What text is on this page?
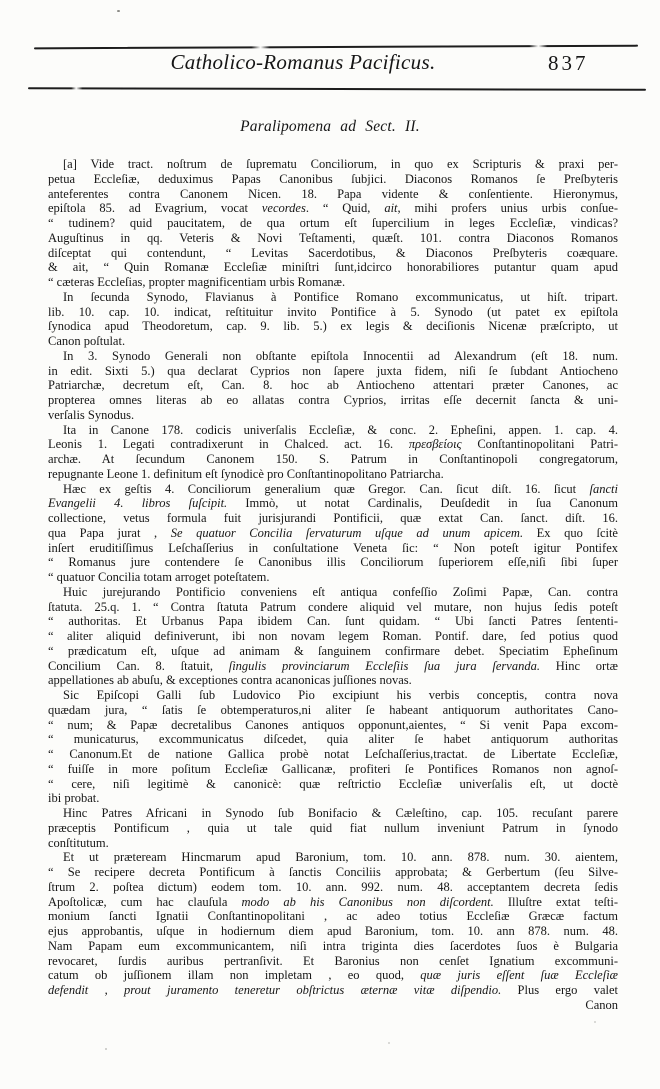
Catholico-Romanus Pacificus.	837
Paralipomena ad Sect. II.
[a] Vide tract. noſtrum de ſuprematu Conciliorum, in quo ex Scripturis & praxi per-
petua Eccleſiæ, deduximus Papas Canonibus ſubjici. Diaconos Romanos ſe Preſbyteris
anteferentes contra Canonem Nicen. 18. Papa vidente & conſentiente. Hieronymus,
epiſtola 85. ad Evagrium, vocat vecordes. “ Quid, ait, mihi profers unius urbis conſue-
“ tudinem? quid paucitatem, de qua ortum eſt ſupercilium in leges Eccleſiæ, vindicas?
Auguſtinus in qq. Veteris & Novi Teſtamenti, quæſt. 101. contra Diaconos Romanos
diſceptat qui contendunt, “ Levitas Sacerdotibus, & Diaconos Preſbyteris coæquare.
& ait, “ Quin Romanæ Eccleſiæ miniſtri ſunt,idcirco honorabiliores putantur quam apud
“ cæteras Eccleſias, propter magnificentiam urbis Romanæ.
In ſecunda Synodo, Flavianus à Pontifice Romano excommunicatus, ut hiſt. tripart.
lib. 10. cap. 10. indicat, reſtituitur invito Pontifice à 5. Synodo (ut patet ex epiſtola
ſynodica apud Theodoretum, cap. 9. lib. 5.) ex legis & deciſionis Nicenæ præſcripto, ut
Canon poſtulat.
In 3. Synodo Generali non obſtante epiſtola Innocentii ad Alexandrum (eſt 18. num.
in edit. Sixti 5.) qua declarat Cyprios non ſapere juxta fidem, niſi ſe ſubdant Antiocheno
Patriarchæ, decretum eſt, Can. 8. hoc ab Antiocheno attentari præter Canones, ac
propterea omnes literas ab eo allatas contra Cyprios, irritas eſſe decernit ſancta & uni-
verſalis Synodus.
Ita in Canone 178. codicis univerſalis Eccleſiæ, & conc. 2. Epheſini, appen. 1. cap. 4.
Leonis 1. Legati contradixerunt in Chalced. act. 16. πρεσβείοις Conſtantinopolitani Patri-
archæ. At ſecundum Canonem 150. S. Patrum in Conſtantinopoli congregatorum,
repugnante Leone 1. definitum eſt ſynodicè pro Conſtantinopolitano Patriarcha.
Hæc ex geſtis 4. Conciliorum generalium quæ Gregor. Can. ſicut diſt. 16. ſicut ſancti
Evangelii 4. libros ſuſcipit. Immò, ut notat Cardinalis, Deuſdedit in ſua Canonum
collectione, vetus formula fuit jurisjurandi Pontificii, quæ extat Can. ſanct. diſt. 16.
qua Papa jurat , Se quatuor Concilia ſervaturum uſque ad unum apicem. Ex quo ſcitè
inſert eruditiſſimus Leſchaſſerius in conſultatione Veneta ſic: “ Non poteſt igitur Pontifex
“ Romanus jure contendere ſe Canonibus illis Conciliorum ſuperiorem eſſe,niſi ſibi ſuper
“ quatuor Concilia totam arroget poteſtatem.
Huic jurejurando Pontificio conveniens eſt antiqua confeſſio Zoſimi Papæ, Can. contra
ſtatuta. 25.q. 1. “ Contra ſtatuta Patrum condere aliquid vel mutare, non hujus ſedis poteſt
“ authoritas. Et Urbanus Papa ibidem Can. ſunt quidam. “ Ubi ſancti Patres ſententi-
“ aliter aliquid definiverunt, ibi non novam legem Roman. Pontif. dare, ſed potius quod
“ prædicatum eſt, uſque ad animam & ſanguinem confirmare debet. Speciatim Epheſinum
Concilium Can. 8. ſtatuit, ſingulis provinciarum Eccleſiis ſua jura ſervanda. Hinc ortæ
appellationes ab abuſu, & exceptiones contra acanonicas juſſiones novas.
Sic Epiſcopi Galli ſub Ludovico Pio excipiunt his verbis conceptis, contra nova
quædam jura, “ ſatis ſe obtemperaturos,ni aliter ſe habeant antiquorum authoritates Cano-
“ num; & Papæ decretalibus Canones antiquos opponunt,aientes, “ Si venit Papa excom-
“ municaturus, excommunicatus diſcedet, quia aliter ſe habet antiquorum authoritas
“ Canonum.Et de natione Gallica probè notat Leſchaſſerius,tractat. de Libertate Eccleſiæ,
“ fuiſſe in more poſitum Eccleſiæ Gallicanæ, profiteri ſe Pontifices Romanos non agnoſ-
“ cere, niſi legitimè & canonicè: quæ reſtrictio Eccleſiæ univerſalis eſt, ut doctè
ibi probat.
Hinc Patres Africani in Synodo ſub Bonifacio & Cæleſtino, cap. 105. recuſant parere
præceptis Pontificum , quia ut tale quid fiat nullum inveniunt Patrum in ſynodo
conſtitutum.
Et ut præteream Hincmarum apud Baronium, tom. 10. ann. 878. num. 30. aientem,
“ Se recipere decreta Pontificum à ſanctis Conciliis approbata; & Gerbertum (ſeu Silve-
ſtrum 2. poſtea dictum) eodem tom. 10. ann. 992. num. 48. acceptantem decreta ſedis
Apoſtolicæ, cum hac clauſula modo ab his Canonibus non diſcordent. Illuſtre extat teſti-
monium ſancti Ignatii Conſtantinopolitani , ac adeo totius Eccleſiæ Græcæ factum
ejus approbantis, uſque in hodiernum diem apud Baronium, tom. 10. ann 878. num. 48.
Nam Papam eum excommunicantem, niſi intra triginta dies ſacerdotes ſuos è Bulgaria
revocaret, ſurdis auribus pertranſivit. Et Baronius non cenſet Ignatium excommuni-
catum ob juſſionem illam non impletam , eo quod, quæ juris eſſent ſuæ Eccleſiæ
defendit , prout juramento teneretur obſtrictus æternæ vitæ diſpendio. Plus ergo valet
Canon
